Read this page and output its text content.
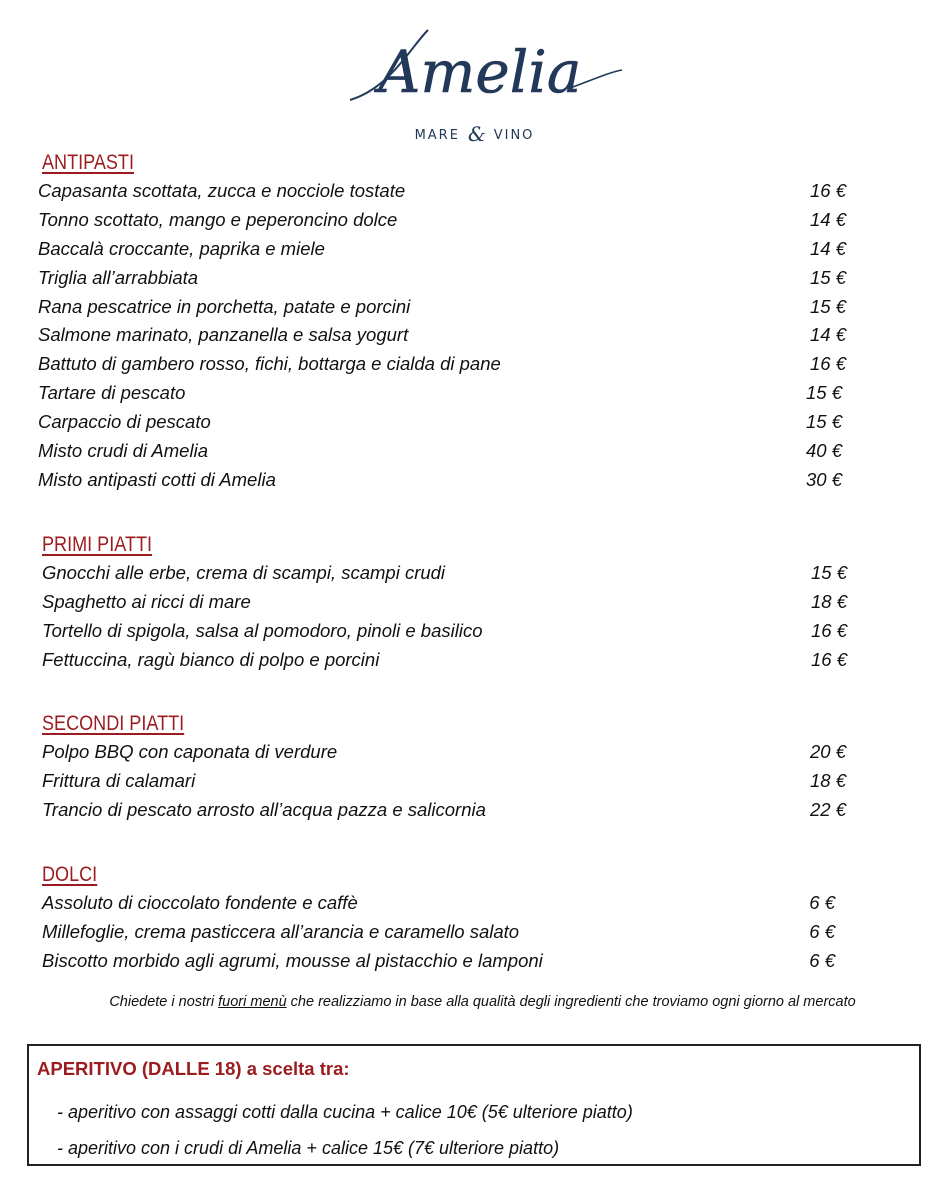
Amelia
MARE & VINO
ANTIPASTI
Capasanta scottata, zucca e nocciole tostate	16 €
Tonno scottato, mango e peperoncino dolce	14 €
Baccalà croccante, paprika e miele	14 €
Triglia all’arrabbiata	15 €
Rana pescatrice in porchetta, patate e porcini	15 €
Salmone marinato, panzanella e salsa yogurt	14 €
Battuto di gambero rosso, fichi, bottarga e cialda di pane	16 €
Tartare di pescato	15 €
Carpaccio di pescato	15 €
Misto crudi di Amelia	40 €
Misto antipasti cotti di Amelia	30 €
PRIMI PIATTI
Gnocchi alle erbe, crema di scampi, scampi crudi	15 €
Spaghetto ai ricci di mare	18 €
Tortello di spigola, salsa al pomodoro, pinoli e basilico	16 €
Fettuccina, ragù bianco di polpo e porcini	16 €
SECONDI PIATTI
Polpo BBQ con caponata di verdure	20 €
Frittura di calamari	18 €
Trancio di pescato arrosto all’acqua pazza e salicornia	22 €
DOLCI
Assoluto di cioccolato fondente e caffè	6 €
Millefoglie, crema pasticcera all’arancia e caramello salato	6 €
Biscotto morbido agli agrumi, mousse al pistacchio e lamponi	6 €
Chiedete i nostri fuori menù che realizziamo in base alla qualità degli ingredienti che troviamo ogni giorno al mercato
APERITIVO (DALLE 18) a scelta tra:
- aperitivo con assaggi cotti dalla cucina + calice 10€ (5€ ulteriore piatto)
- aperitivo con i crudi di Amelia + calice 15€ (7€ ulteriore piatto)
